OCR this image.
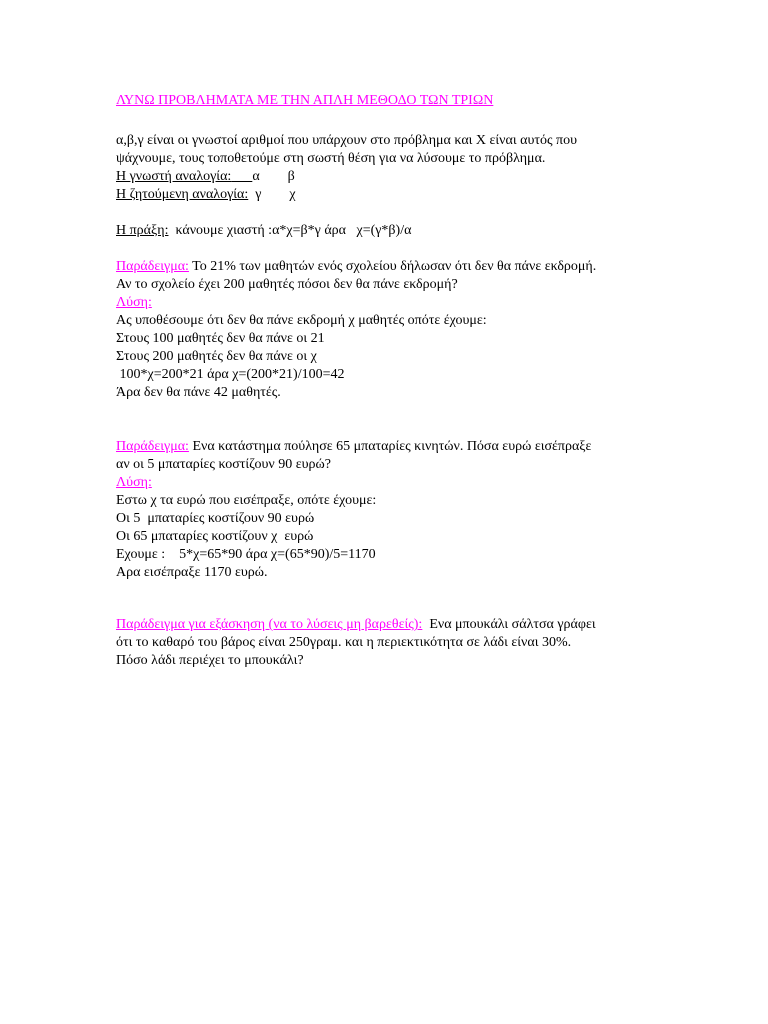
ΛΥΝΩ ΠΡΟΒΛΗΜΑΤΑ ΜΕ ΤΗΝ ΑΠΛΗ ΜΕΘΟΔΟ ΤΩΝ ΤΡΙΩΝ
α,β,γ είναι οι γνωστοί αριθμοί που υπάρχουν στο πρόβλημα και Χ είναι αυτός που
ψάχνουμε, τους τοποθετούμε στη σωστή θέση για να λύσουμε το πρόβλημα.
Η γνωστή αναλογία: α        β
Η ζητούμενη αναλογία: γ        χ
Η πράξη: κάνουμε χιαστή :α*χ=β*γ άρα   χ=(γ*β)/α
Παράδειγμα: Το 21% των μαθητών ενός σχολείου δήλωσαν ότι δεν θα πάνε εκδρομή.
Αν το σχολείο έχει 200 μαθητές πόσοι δεν θα πάνε εκδρομή?
Λύση:
Ας υποθέσουμε ότι δεν θα πάνε εκδρομή χ μαθητές οπότε έχουμε:
Στους 100 μαθητές δεν θα πάνε οι 21
Στους 200 μαθητές δεν θα πάνε οι χ
100*χ=200*21 άρα χ=(200*21)/100=42
Άρα δεν θα πάνε 42 μαθητές.
Παράδειγμα: Ενα κατάστημα πούλησε 65 μπαταρίες κινητών. Πόσα ευρώ εισέπραξε
αν οι 5 μπαταρίες κοστίζουν 90 ευρώ?
Λύση:
Εστω χ τα ευρώ που εισέπραξε, οπότε έχουμε:
Οι 5  μπαταρίες κοστίζουν 90 ευρώ
Οι 65 μπαταρίες κοστίζουν χ  ευρώ
Εχουμε :    5*χ=65*90 άρα χ=(65*90)/5=1170
Αρα εισέπραξε 1170 ευρώ.
Παράδειγμα για εξάσκηση (να το λύσεις μη βαρεθείς):  Ενα μπουκάλι σάλτσα γράφει
ότι το καθαρό του βάρος είναι 250γραμ. και η περιεκτικότητα σε λάδι είναι 30%.
Πόσο λάδι περιέχει το μπουκάλι?
